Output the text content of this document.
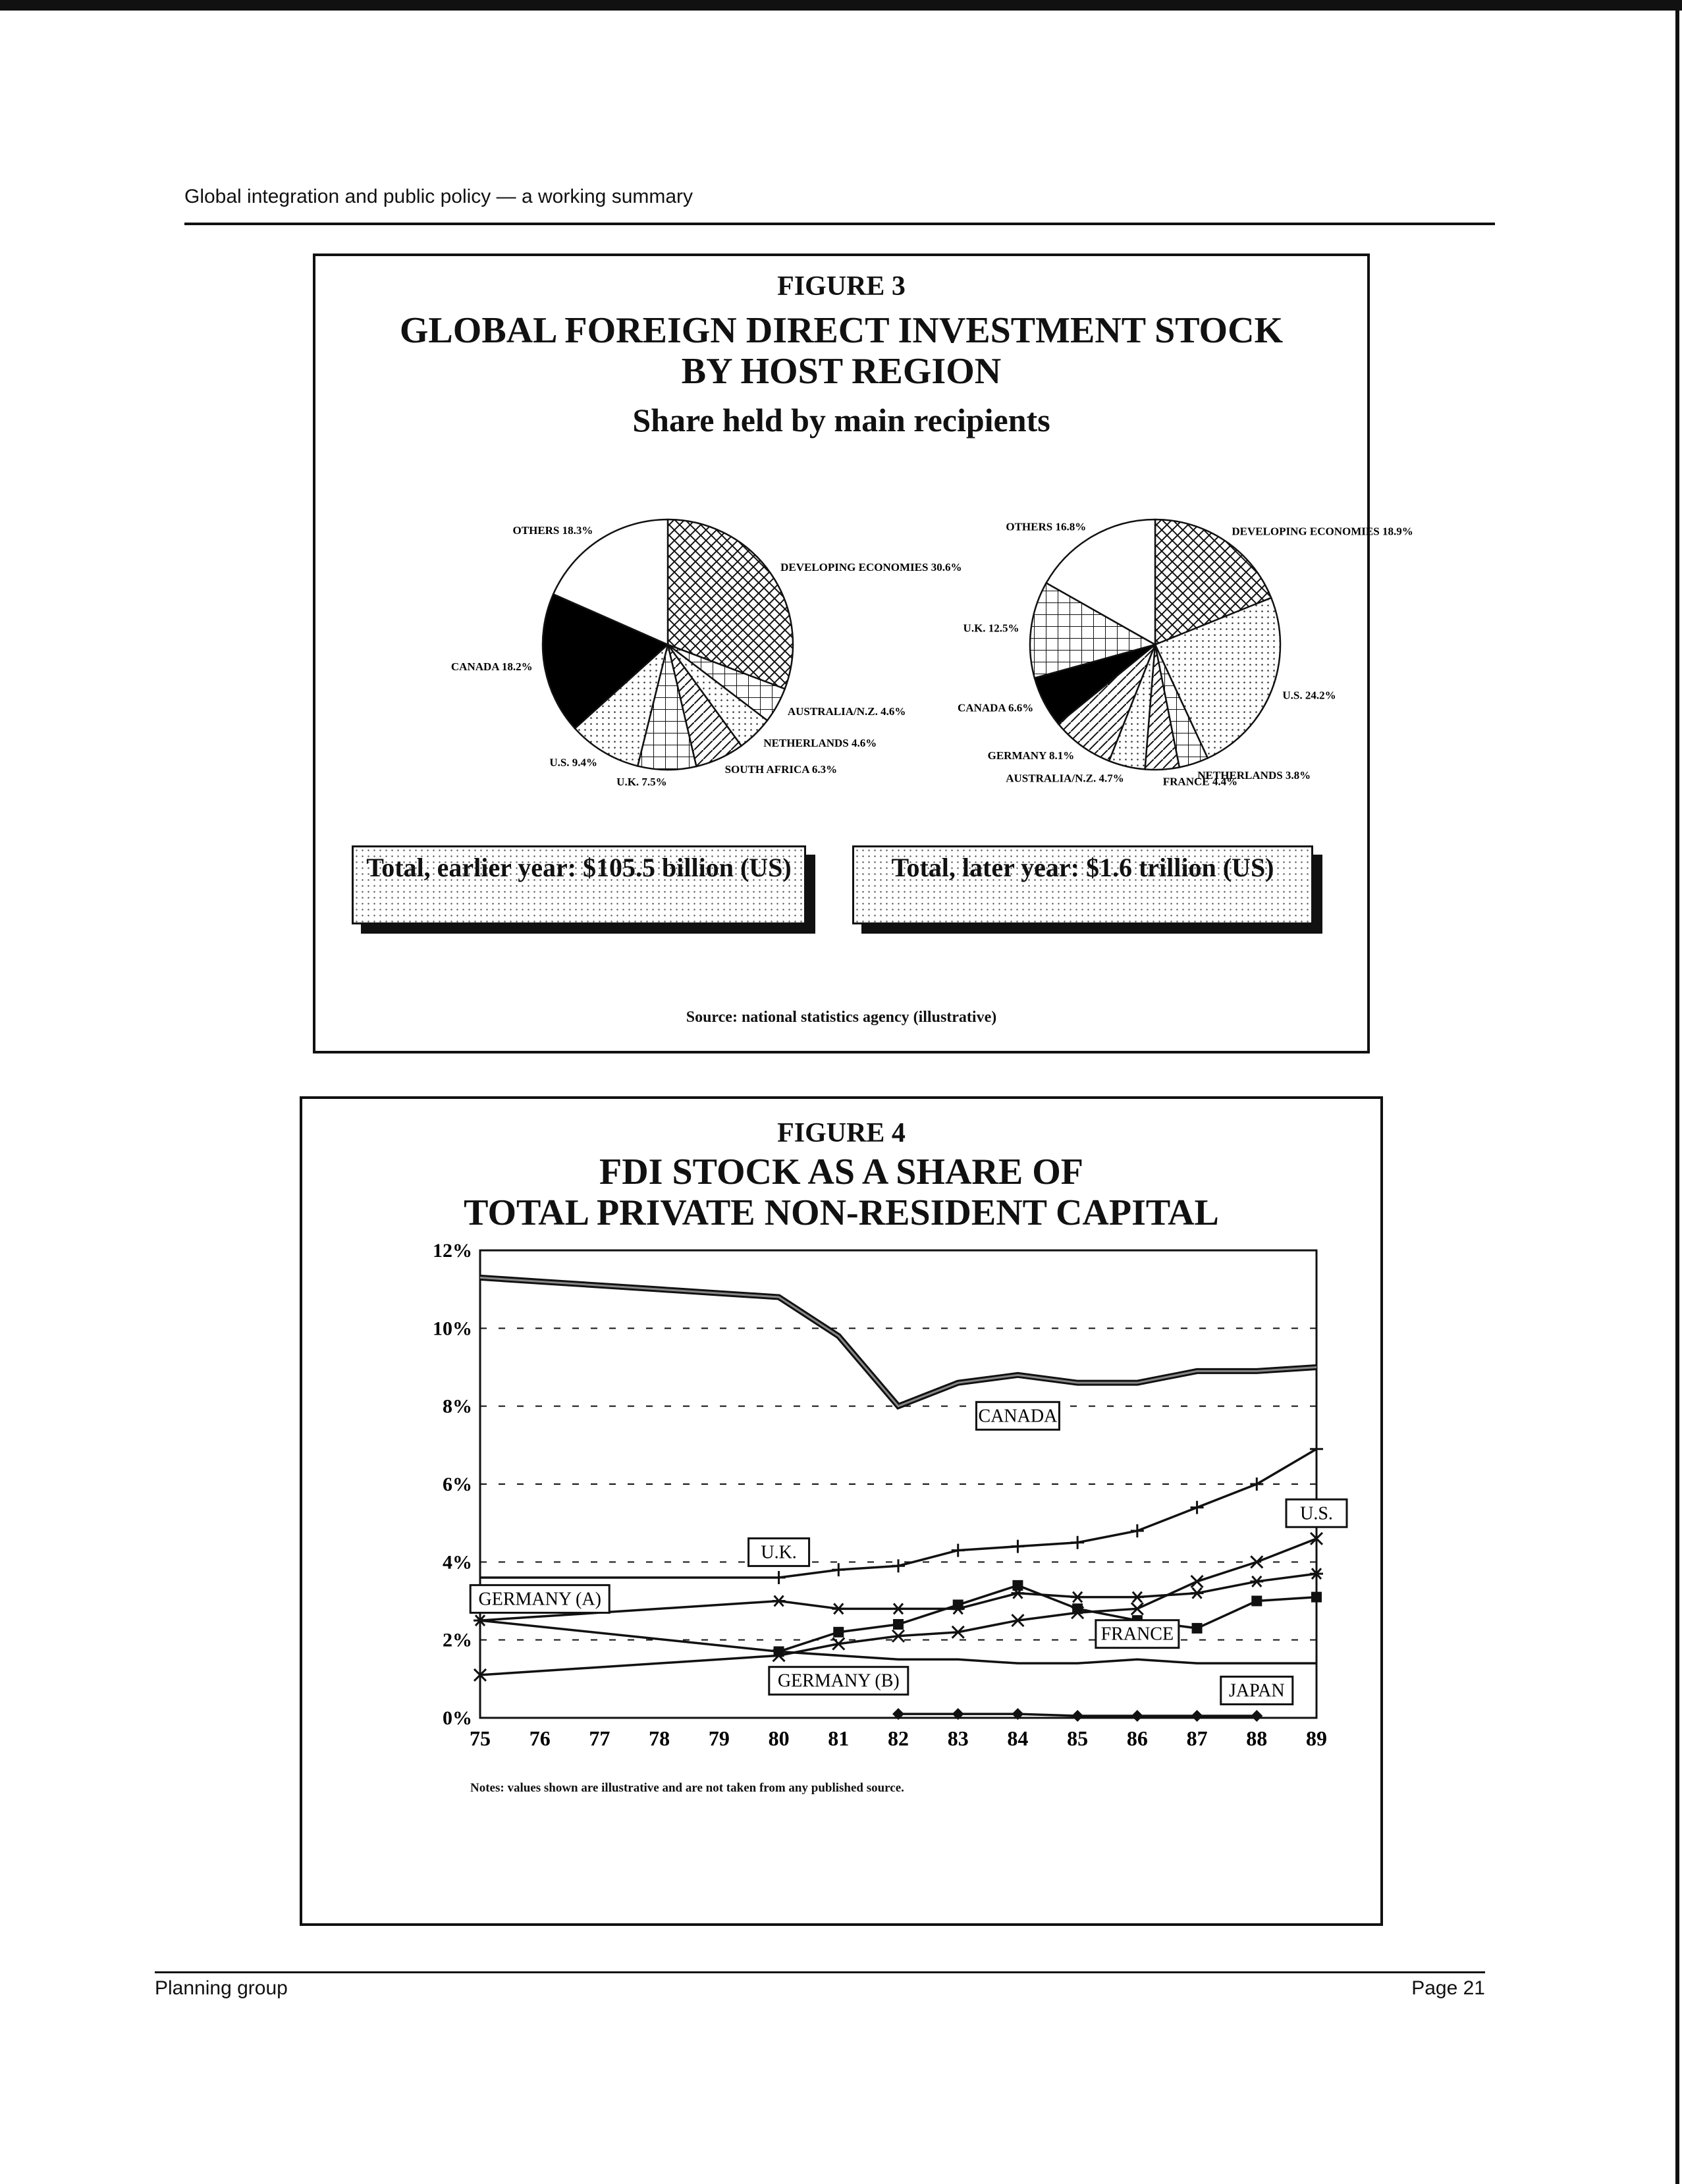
Global integration and public policy — a working summary
FIGURE 3
GLOBAL FOREIGN DIRECT INVESTMENT STOCK
BY HOST REGION
Share held by main recipients
DEVELOPING ECONOMIES 30.6%
AUSTRALIA/N.Z. 4.6%
NETHERLANDS 4.6%
SOUTH AFRICA 6.3%
U.K. 7.5%
U.S. 9.4%
CANADA 18.2%
OTHERS 18.3%	DEVELOPING ECONOMIES 18.9%
U.S. 24.2%
NETHERLANDS 3.8%
FRANCE 4.4%
AUSTRALIA/N.Z. 4.7%
GERMANY 8.1%
CANADA 6.6%
U.K. 12.5%
OTHERS 16.8%
Total, earlier year: $105.5 billion (US)	Total, later year: $1.6 trillion (US)
Source: national statistics agency (illustrative)
FIGURE 4
FDI STOCK AS A SHARE OF
TOTAL PRIVATE NON-RESIDENT CAPITAL
0%
2%
4%
6%
8%
10%
12%
75 76 77 78 79 80 81 82 83 84 85 86 87 88 89
CANADA
U.S.
U.K.
GERMANY (A)
FRANCE
GERMANY (B)	JAPAN
Notes: values shown are illustrative and are not taken from any published source.
Planning group	Page 21
